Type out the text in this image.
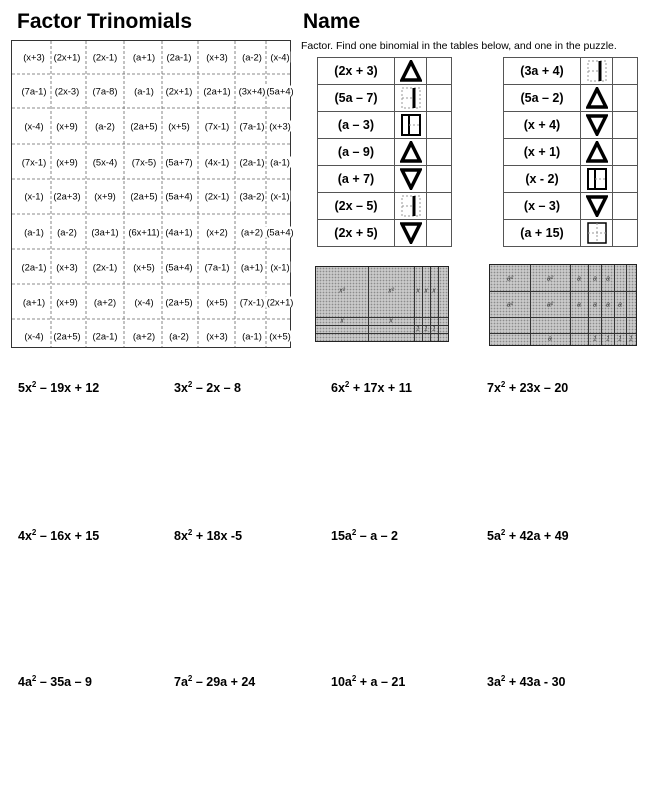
Factor Trinomials	Name
Factor. Find one binomial in the tables below, and one in the puzzle.
(x+3) (2x+1) (2x-1) (a+1) (2a-1) (x+3) (a-2) (x-4)
(7a-1) (2x-3) (7a-8) (a-1) (2x+1) (2a+1) (3x+4) (5a+4)
(x-4) (x+9) (a-2) (2a+5) (x+5) (7x-1) (7a-1) (x+3)
(7x-1) (x+9) (5x-4) (7x-5) (5a+7) (4x-1) (2a-1) (a-1)
(x-1) (2a+3) (x+9) (2a+5) (5a+4) (2x-1) (3a-2) (x-1)
(a-1) (a-2) (3a+1) (6x+11) (4a+1) (x+2) (a+2) (5a+4)
(2a-1) (x+3) (2x-1) (x+5) (5a+4) (7a-1) (a+1) (x-1)
(a+1) (x+9) (a+2) (x-4) (2a+5) (x+5) (7x-1) (2x+1)
(x-4) (2a+5) (2a-1) (a+2) (a-2) (x+3) (a-1) (x+5)
(2x + 3)	

(5a – 7)	

(a – 3)	

(a – 9)	

(a + 7)	

(2x – 5)	

(2x + 5)	

(3a + 4)	

(5a – 2)	

(x + 4)	

(x + 1)	

(x - 2)	

(x – 3)	

(a + 15)	

x²	x²	x x x
x	x
1 1 1
a²	a²	a a a
a²	a²	a a a a
a	1 1 1 1
$5x^2 - 19x + 12$	$3x^2 - 2x - 8$	$6x^2 + 17x + 11$	$7x^2 + 23x - 20$
$4x^2 - 16x + 15$	$8x^2 + 18x$ -5	$15a^2$ – a – 2	$5a^2 + 42a + 49$
$4a^2 - 35a - 9$	$7a^2 - 29a + 24$	$10a^2 + a - 21$	$3a^2 + 43a - 30$
